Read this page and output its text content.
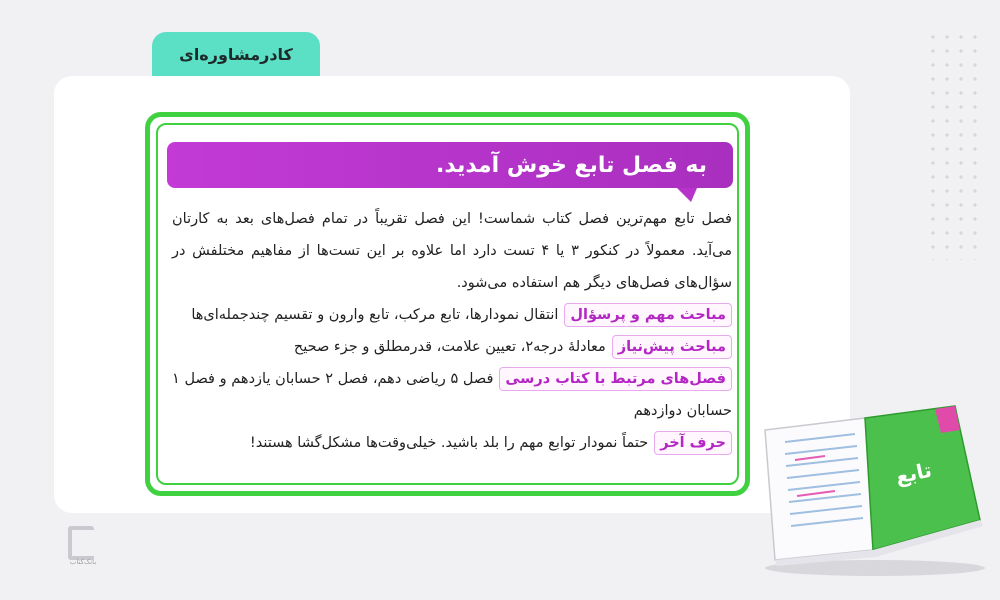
کادرمشاوره‌ای
به فصل تابع خوش آمدید.

فصل تابع مهم‌ترین فصل کتاب شماست! این فصل تقریباً در تمام فصل‌های بعد به کارتان می‌آید. معمولاً در کنکور ۳ یا ۴ تست دارد اما علاوه بر این تست‌ها از مفاهیم مختلفش در سؤال‌های فصل‌های دیگر هم استفاده می‌شود.

مباحث مهم و پرسؤالانتقال نمودارها، تابع مرکب، تابع وارون و تقسیم چندجمله‌ای‌ها

مباحث پیش‌نیازمعادلهٔ درجه۲، تعیین علامت، قدرمطلق و جزء صحیح

فصل‌های مرتبط با کتاب درسیفصل ۵ ریاضی دهم، فصل ۲ حسابان یازدهم و فصل ۱ حسابان دوازدهم

حرف آخرحتماً نمودار توابع مهم را بلد باشید. خیلی‌وقت‌ها مشکل‌گشا هستند!

بانک‌کتاب
تابع
